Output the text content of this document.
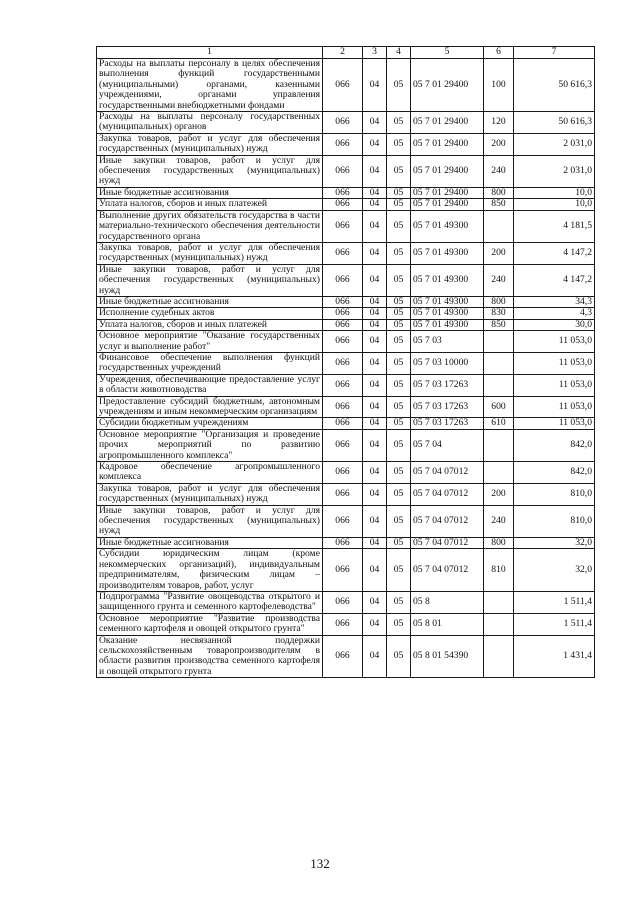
1	2	3	4	5	6	7
Расходы на выплаты персоналу в целях обеспечения выполнения функций государственными (муниципальными) органами, казенными учреждениями, органами управления государственными внебюджетными фондами	066	04	05	05 7 01 29400	100	50 616,3
Расходы на выплаты персоналу государственных (муниципальных) органов	066	04	05	05 7 01 29400	120	50 616,3
Закупка товаров, работ и услуг для обеспечения государственных (муниципальных) нужд	066	04	05	05 7 01 29400	200	2 031,0
Иные закупки товаров, работ и услуг для обеспечения государственных (муниципальных) нужд	066	04	05	05 7 01 29400	240	2 031,0
Иные бюджетные ассигнования	066	04	05	05 7 01 29400	800	10,0
Уплата налогов, сборов и иных платежей	066	04	05	05 7 01 29400	850	10,0
Выполнение других обязательств государства в части материально-технического обеспечения деятельности государственного органа	066	04	05	05 7 01 49300		4 181,5
Закупка товаров, работ и услуг для обеспечения государственных (муниципальных) нужд	066	04	05	05 7 01 49300	200	4 147,2
Иные закупки товаров, работ и услуг для обеспечения государственных (муниципальных) нужд	066	04	05	05 7 01 49300	240	4 147,2
Иные бюджетные ассигнования	066	04	05	05 7 01 49300	800	34,3
Исполнение судебных актов	066	04	05	05 7 01 49300	830	4,3
Уплата налогов, сборов и иных платежей	066	04	05	05 7 01 49300	850	30,0
Основное мероприятие "Оказание государственных услуг и выполнение работ"	066	04	05	05 7 03		11 053,0
Финансовое обеспечение выполнения функций государственных учреждений	066	04	05	05 7 03 10000		11 053,0
Учреждения, обеспечивающие предоставление услуг в области животноводства	066	04	05	05 7 03 17263		11 053,0
Предоставление субсидий бюджетным, автономным учреждениям и иным некоммерческим организациям	066	04	05	05 7 03 17263	600	11 053,0
Субсидии бюджетным учреждениям	066	04	05	05 7 03 17263	610	11 053,0
Основное мероприятие "Организация и проведение прочих мероприятий по развитию агропромышленного комплекса"	066	04	05	05 7 04		842,0
Кадровое обеспечение агропромышленного комплекса	066	04	05	05 7 04 07012		842,0
Закупка товаров, работ и услуг для обеспечения государственных (муниципальных) нужд	066	04	05	05 7 04 07012	200	810,0
Иные закупки товаров, работ и услуг для обеспечения государственных (муниципальных) нужд	066	04	05	05 7 04 07012	240	810,0
Иные бюджетные ассигнования	066	04	05	05 7 04 07012	800	32,0
Субсидии юридическим лицам (кроме некоммерческих организаций), индивидуальным предпринимателям, физическим лицам – производителям товаров, работ, услуг	066	04	05	05 7 04 07012	810	32,0
Подпрограмма "Развитие овощеводства открытого и защищенного грунта и семенного картофелеводства"	066	04	05	05 8		1 511,4
Основное мероприятие "Развитие производства семенного картофеля и овощей открытого грунта"	066	04	05	05 8 01		1 511,4
Оказание несвязанной поддержки сельскохозяйственным товаропроизводителям в области развития производства семенного картофеля и овощей открытого грунта	066	04	05	05 8 01 54390		1 431,4
132
